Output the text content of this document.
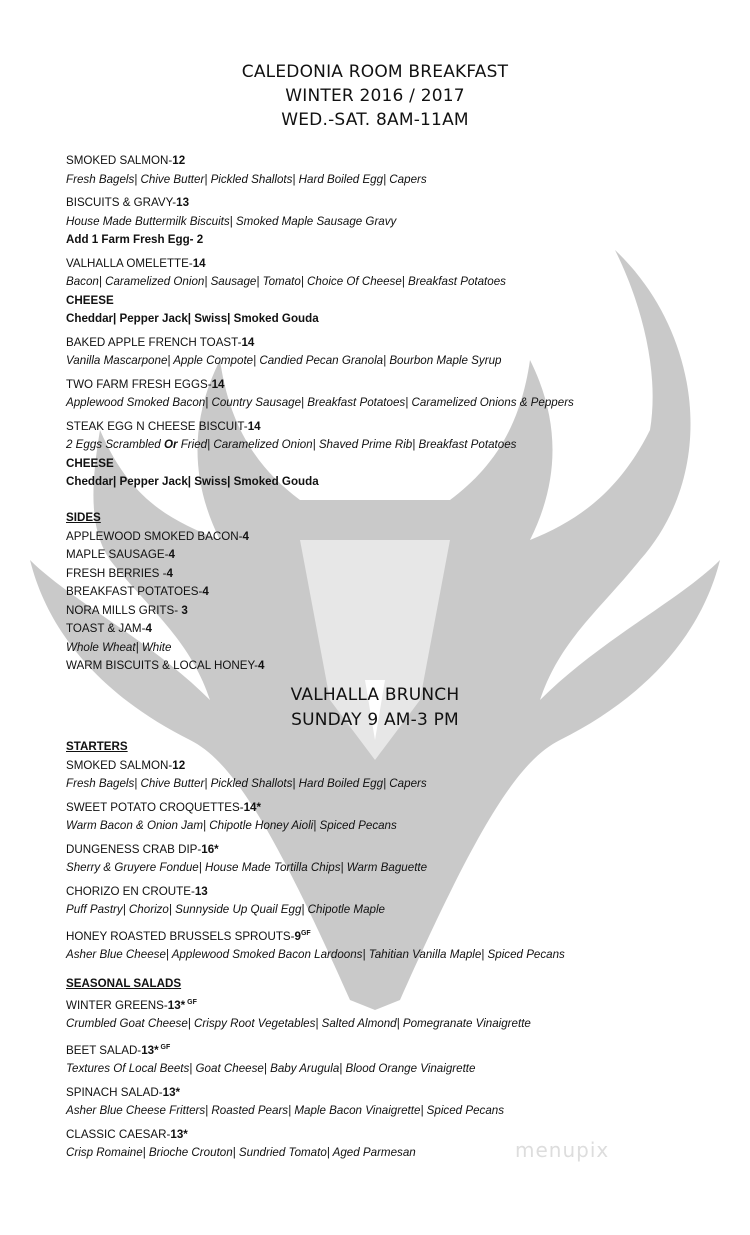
CALEDONIA ROOM BREAKFAST
WINTER 2016 / 2017
WED.-SAT. 8AM-11AM
VALHALLA BRUNCH
SUNDAY 9 AM-3 PM
SMOKED SALMON-12
Fresh Bagels| Chive Butter| Pickled Shallots| Hard Boiled Egg| Capers
BISCUITS & GRAVY-13
House Made Buttermilk Biscuits| Smoked Maple Sausage Gravy
Add 1 Farm Fresh Egg- 2
VALHALLA OMELETTE-14
Bacon| Caramelized Onion| Sausage| Tomato| Choice Of Cheese| Breakfast Potatoes
CHEESE
Cheddar| Pepper Jack| Swiss| Smoked Gouda
BAKED APPLE FRENCH TOAST-14
Vanilla Mascarpone| Apple Compote| Candied Pecan Granola| Bourbon Maple Syrup
TWO FARM FRESH EGGS-14
Applewood Smoked Bacon| Country Sausage| Breakfast Potatoes| Caramelized Onions & Peppers
STEAK EGG N CHEESE BISCUIT-14
2 Eggs Scrambled Or Fried| Caramelized Onion| Shaved Prime Rib| Breakfast Potatoes
CHEESE
Cheddar| Pepper Jack| Swiss| Smoked Gouda
SIDES
APPLEWOOD SMOKED BACON-4
MAPLE SAUSAGE-4
FRESH BERRIES -4
BREAKFAST POTATOES-4
NORA MILLS GRITS- 3
TOAST & JAM-4
Whole Wheat| White
WARM BISCUITS & LOCAL HONEY-4
STARTERS
SMOKED SALMON-12
Fresh Bagels| Chive Butter| Pickled Shallots| Hard Boiled Egg| Capers
SWEET POTATO CROQUETTES-14*
Warm Bacon & Onion Jam| Chipotle Honey Aioli| Spiced Pecans
DUNGENESS CRAB DIP-16*
Sherry & Gruyere Fondue| House Made Tortilla Chips| Warm Baguette
CHORIZO EN CROUTE-13
Puff Pastry| Chorizo| Sunnyside Up Quail Egg| Chipotle Maple
HONEY ROASTED BRUSSELS SPROUTS-$9^{GF}$
Asher Blue Cheese| Applewood Smoked Bacon Lardoons| Tahitian Vanilla Maple| Spiced Pecans
SEASONAL SALADS
WINTER GREENS-13* $^{GF}$
Crumbled Goat Cheese| Crispy Root Vegetables| Salted Almond| Pomegranate Vinaigrette
BEET SALAD-13* $^{GF}$
Textures Of Local Beets| Goat Cheese| Baby Arugula| Blood Orange Vinaigrette
SPINACH SALAD-13*
Asher Blue Cheese Fritters| Roasted Pears| Maple Bacon Vinaigrette| Spiced Pecans
CLASSIC CAESAR-13*
Crisp Romaine| Brioche Crouton| Sundried Tomato| Aged Parmesan	menupix
